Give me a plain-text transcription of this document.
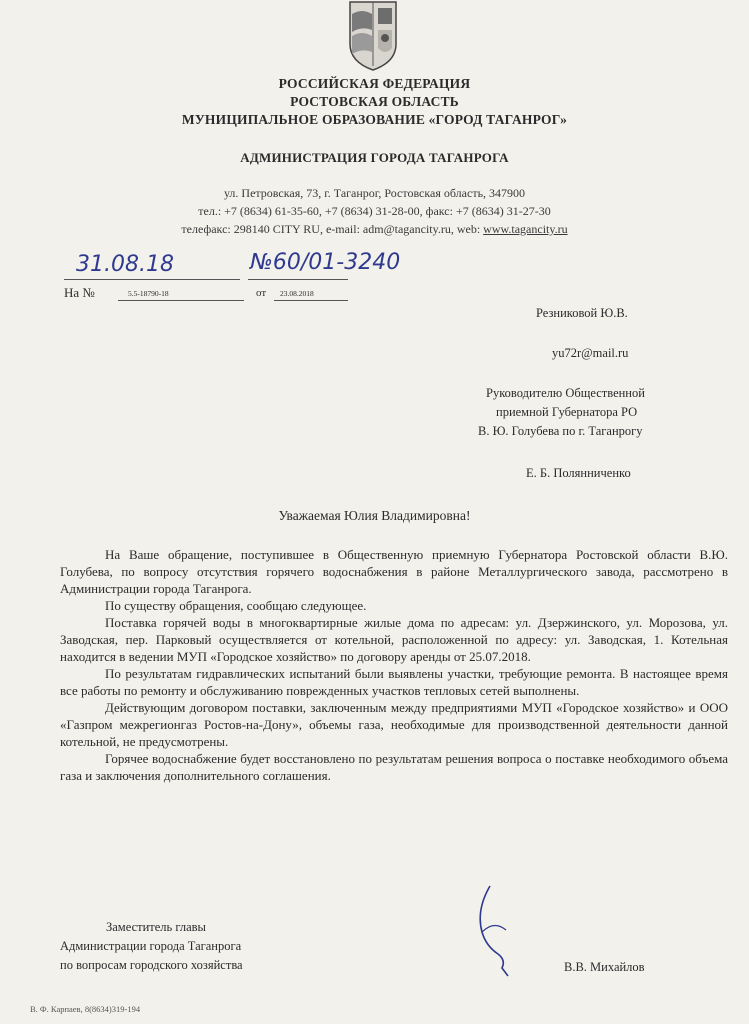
РОССИЙСКАЯ ФЕДЕРАЦИЯ
РОСТОВСКАЯ ОБЛАСТЬ
МУНИЦИПАЛЬНОЕ ОБРАЗОВАНИЕ «ГОРОД ТАГАНРОГ»
АДМИНИСТРАЦИЯ ГОРОДА ТАГАНРОГА
ул. Петровская, 73, г. Таганрог, Ростовская область, 347900
тел.: +7 (8634) 61-35-60, +7 (8634) 31-28-00, факс: +7 (8634) 31-27-30
телефакс: 298140 CITY RU, e-mail: adm@tagancity.ru, web: www.tagancity.ru
31.08.18	№60/01-3240
На №	5.5-18790-18	от 23.08.2018
Резниковой Ю.В.
yu72r@mail.ru
Руководителю Общественной
приемной Губернатора РО
В. Ю. Голубева по г. Таганрогу
Е. Б. Полянниченко
Уважаемая Юлия Владимировна!

На Ваше обращение, поступившее в Общественную приемную Губернатора Ростовской области В.Ю. Голубева, по вопросу отсутствия горячего водоснабжения в районе Металлургического завода, рассмотрено в Администрации города Таганрога.

По существу обращения, сообщаю следующее.

Поставка горячей воды в многоквартирные жилые дома по адресам: ул. Дзержинского, ул. Морозова, ул. Заводская, пер. Парковый осуществляется от котельной, расположенной по адресу: ул. Заводская, 1. Котельная находится в ведении МУП «Городское хозяйство» по договору аренды от 25.07.2018.

По результатам гидравлических испытаний были выявлены участки, требующие ремонта. В настоящее время все работы по ремонту и обслуживанию поврежденных участков тепловых сетей выполнены.

Действующим договором поставки, заключенным между предприятиями МУП «Городское хозяйство» и ООО «Газпром межрегионгаз Ростов-на-Дону», объемы газа, необходимые для производственной деятельности данной котельной, не предусмотрены.

Горячее водоснабжение будет восстановлено по результатам решения вопроса о поставке необходимого объема газа и заключения дополнительного соглашения.

Заместитель главы
Администрации города Таганрога
по вопросам городского хозяйства	В.В. Михайлов
В. Ф. Карпаев, 8(8634)319-194
